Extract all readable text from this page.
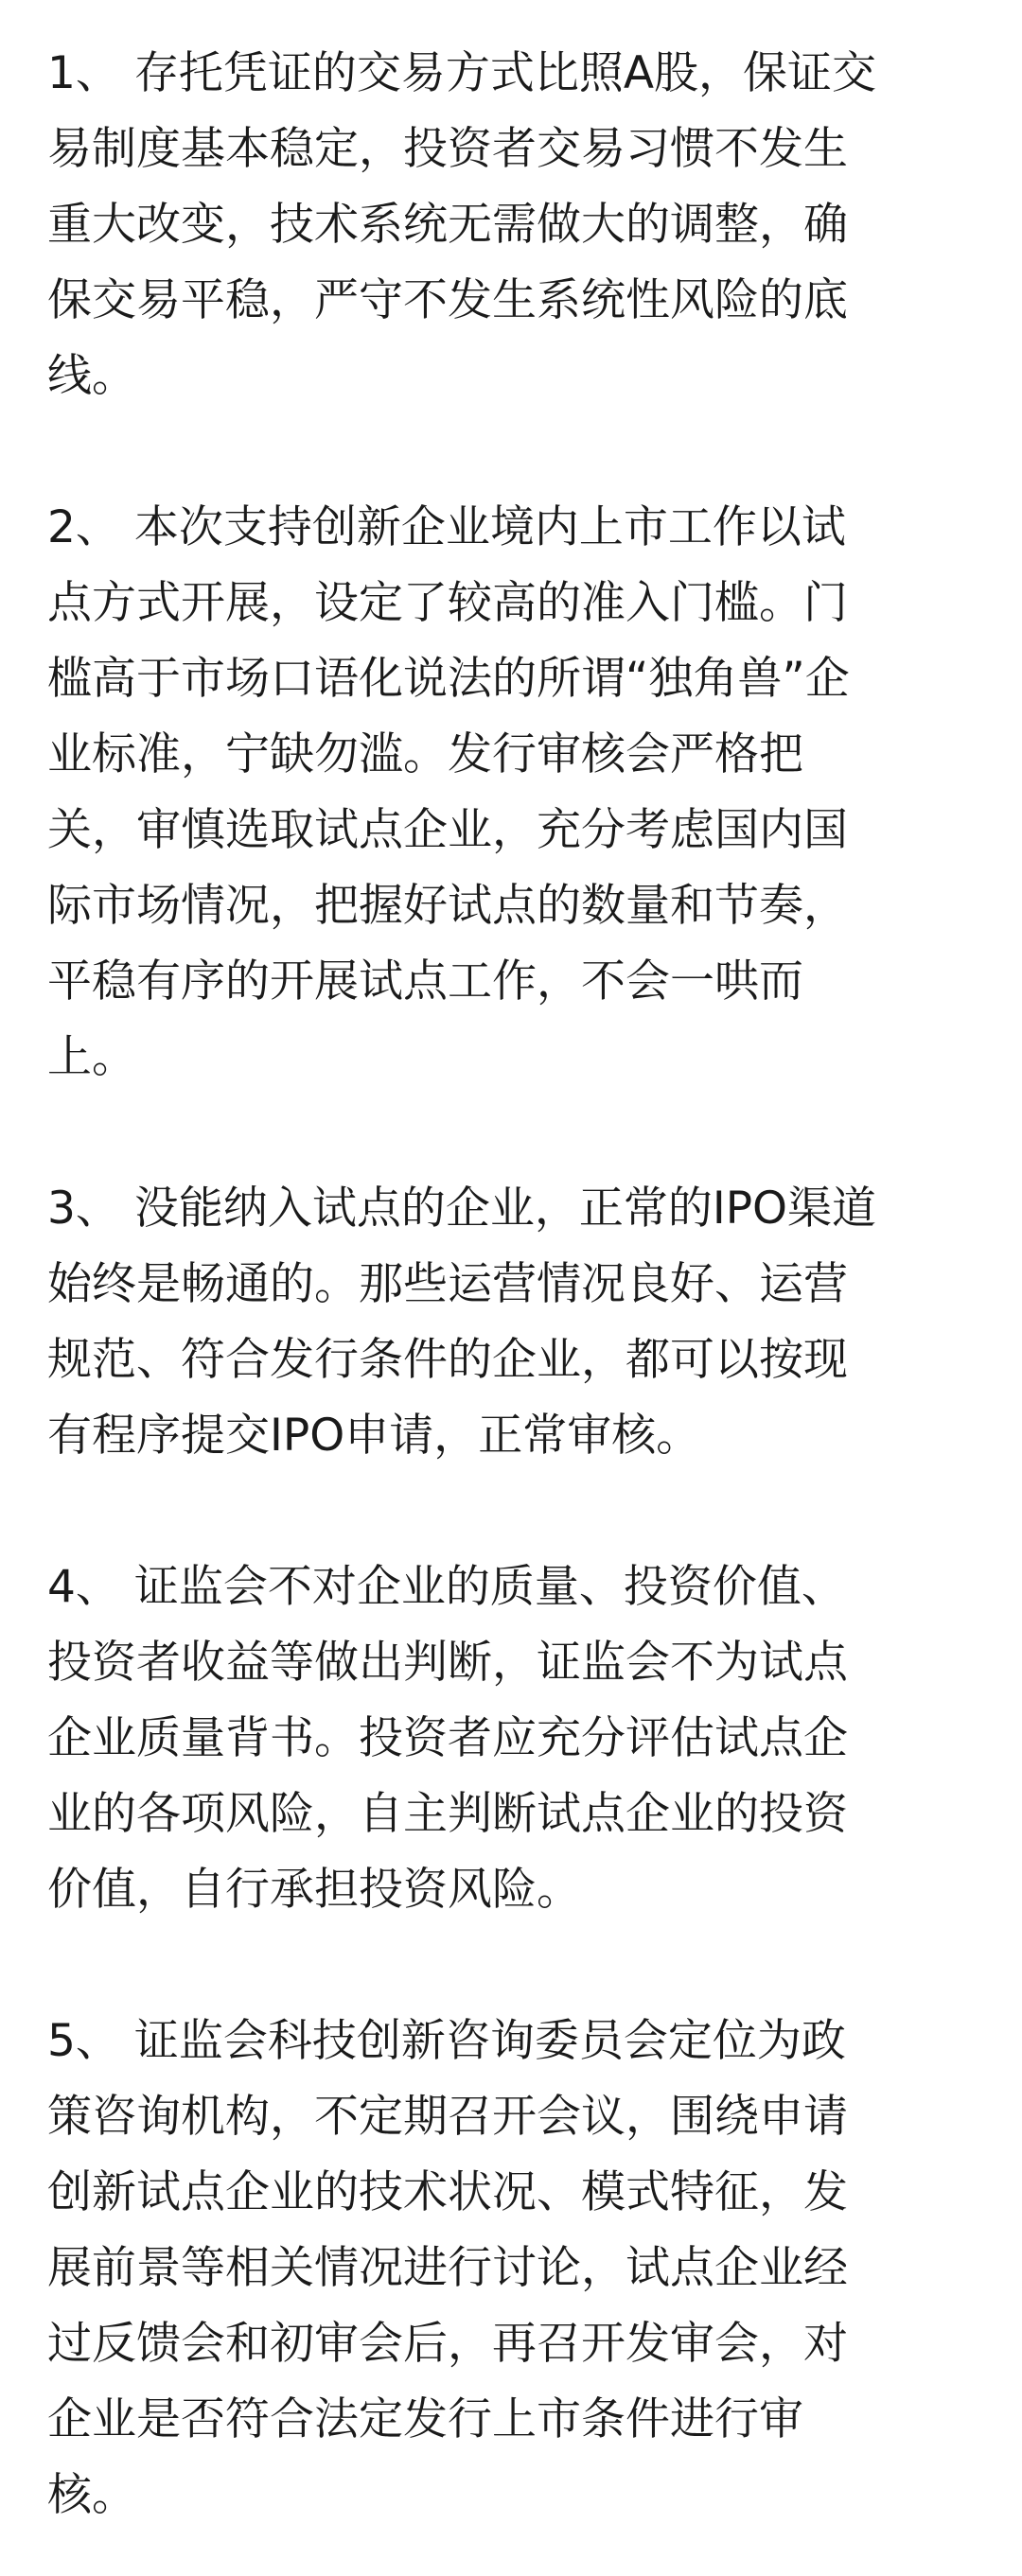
1、 存托凭证的交易方式比照A股，保证交
易制度基本稳定，投资者交易习惯不发生
重大改变，技术系统无需做大的调整，确
保交易平稳，严守不发生系统性风险的底
线。

2、 本次支持创新企业境内上市工作以试
点方式开展，设定了较高的准入门槛。门
槛高于市场口语化说法的所谓“独角兽”企
业标准，宁缺勿滥。发行审核会严格把
关，审慎选取试点企业，充分考虑国内国
际市场情况，把握好试点的数量和节奏，
平稳有序的开展试点工作，不会一哄而
上。

3、 没能纳入试点的企业，正常的IPO渠道
始终是畅通的。那些运营情况良好、运营
规范、符合发行条件的企业，都可以按现
有程序提交IPO申请，正常审核。

4、 证监会不对企业的质量、投资价值、
投资者收益等做出判断，证监会不为试点
企业质量背书。投资者应充分评估试点企
业的各项风险，自主判断试点企业的投资
价值，自行承担投资风险。

5、 证监会科技创新咨询委员会定位为政
策咨询机构，不定期召开会议，围绕申请
创新试点企业的技术状况、模式特征，发
展前景等相关情况进行讨论，试点企业经
过反馈会和初审会后，再召开发审会，对
企业是否符合法定发行上市条件进行审
核。
